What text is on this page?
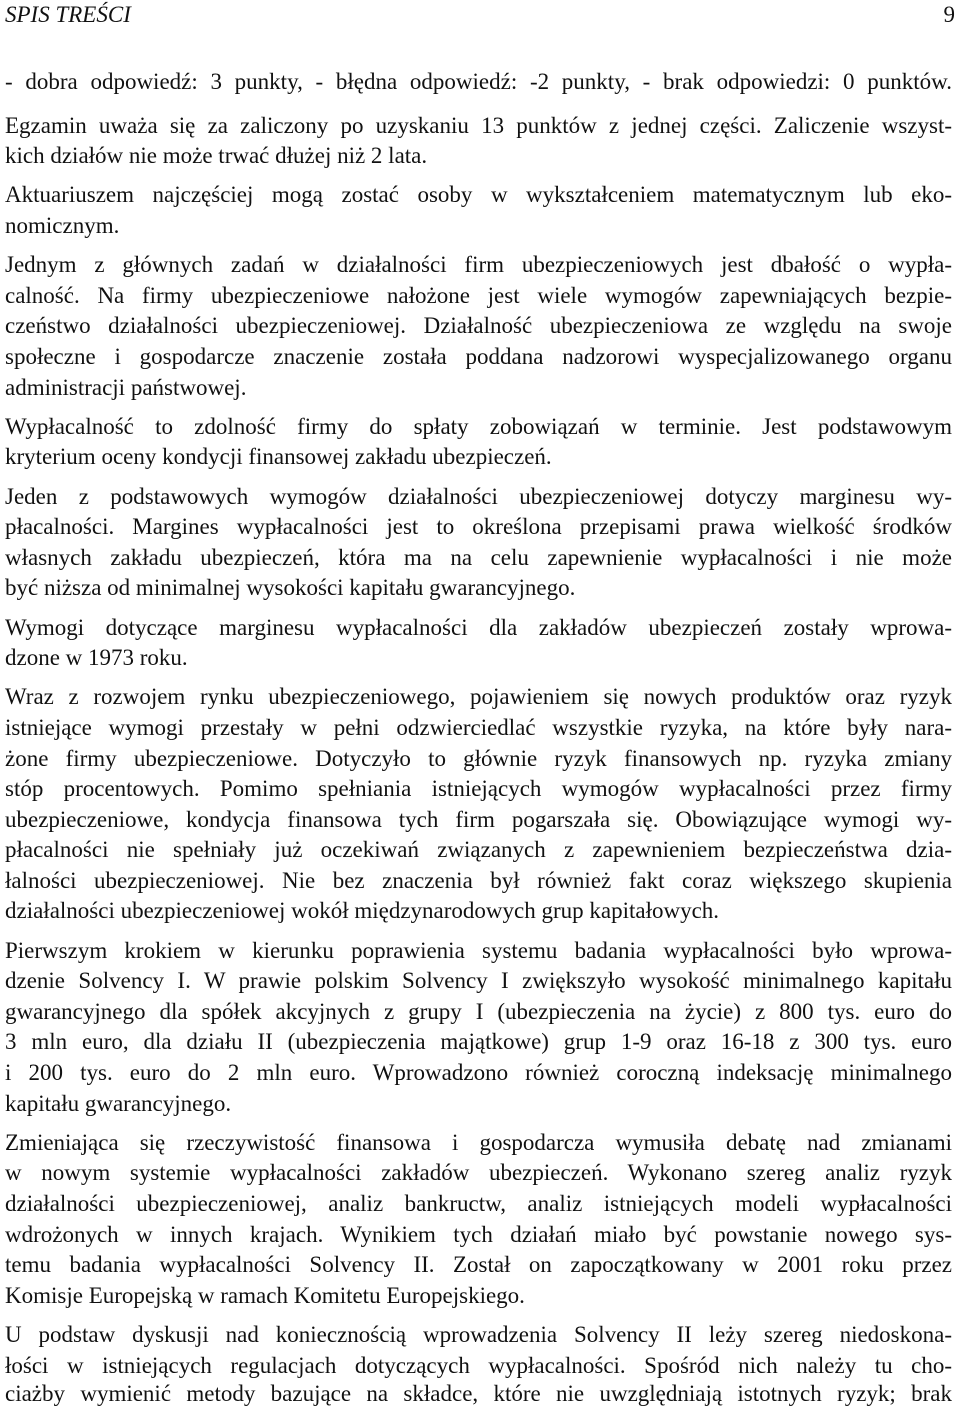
SPIS TREŚCI	9
- dobra odpowiedź: 3 punkty, - błędna odpowiedź: -2 punkty, - brak odpowiedzi: 0 punktów.
Egzamin uważa się za zaliczony po uzyskaniu 13 punktów z jednej części. Zaliczenie wszyst-
kich działów nie może trwać dłużej niż 2 lata.
Aktuariuszem najczęściej mogą zostać osoby w wykształceniem matematycznym lub eko-
nomicznym.
Jednym z głównych zadań w działalności firm ubezpieczeniowych jest dbałość o wypła-
calność. Na firmy ubezpieczeniowe nałożone jest wiele wymogów zapewniających bezpie-
czeństwo działalności ubezpieczeniowej. Działalność ubezpieczeniowa ze względu na swoje
społeczne i gospodarcze znaczenie została poddana nadzorowi wyspecjalizowanego organu
administracji państwowej.
Wypłacalność to zdolność firmy do spłaty zobowiązań w terminie. Jest podstawowym
kryterium oceny kondycji finansowej zakładu ubezpieczeń.
Jeden z podstawowych wymogów działalności ubezpieczeniowej dotyczy marginesu wy-
płacalności. Margines wypłacalności jest to określona przepisami prawa wielkość środków
własnych zakładu ubezpieczeń, która ma na celu zapewnienie wypłacalności i nie może
być niższa od minimalnej wysokości kapitału gwarancyjnego.
Wymogi dotyczące marginesu wypłacalności dla zakładów ubezpieczeń zostały wprowa-
dzone w 1973 roku.
Wraz z rozwojem rynku ubezpieczeniowego, pojawieniem się nowych produktów oraz ryzyk
istniejące wymogi przestały w pełni odzwierciedlać wszystkie ryzyka, na które były nara-
żone firmy ubezpieczeniowe. Dotyczyło to głównie ryzyk finansowych np. ryzyka zmiany
stóp procentowych. Pomimo spełniania istniejących wymogów wypłacalności przez firmy
ubezpieczeniowe, kondycja finansowa tych firm pogarszała się. Obowiązujące wymogi wy-
płacalności nie spełniały już oczekiwań związanych z zapewnieniem bezpieczeństwa dzia-
łalności ubezpieczeniowej. Nie bez znaczenia był również fakt coraz większego skupienia
działalności ubezpieczeniowej wokół międzynarodowych grup kapitałowych.
Pierwszym krokiem w kierunku poprawienia systemu badania wypłacalności było wprowa-
dzenie Solvency I. W prawie polskim Solvency I zwiększyło wysokość minimalnego kapitału
gwarancyjnego dla spółek akcyjnych z grupy I (ubezpieczenia na życie) z 800 tys. euro do
3 mln euro, dla działu II (ubezpieczenia majątkowe) grup 1-9 oraz 16-18 z 300 tys. euro
i 200 tys. euro do 2 mln euro. Wprowadzono również coroczną indeksację minimalnego
kapitału gwarancyjnego.
Zmieniająca się rzeczywistość finansowa i gospodarcza wymusiła debatę nad zmianami
w nowym systemie wypłacalności zakładów ubezpieczeń. Wykonano szereg analiz ryzyk
działalności ubezpieczeniowej, analiz bankructw, analiz istniejących modeli wypłacalności
wdrożonych w innych krajach. Wynikiem tych działań miało być powstanie nowego sys-
temu badania wypłacalności Solvency II. Został on zapoczątkowany w 2001 roku przez
Komisje Europejską w ramach Komitetu Europejskiego.
U podstaw dyskusji nad koniecznością wprowadzenia Solvency II leży szereg niedoskona-
łości w istniejących regulacjach dotyczących wypłacalności. Spośród nich należy tu cho-
ciażby wymienić metody bazujące na składce, które nie uwzględniają istotnych ryzyk; brak
